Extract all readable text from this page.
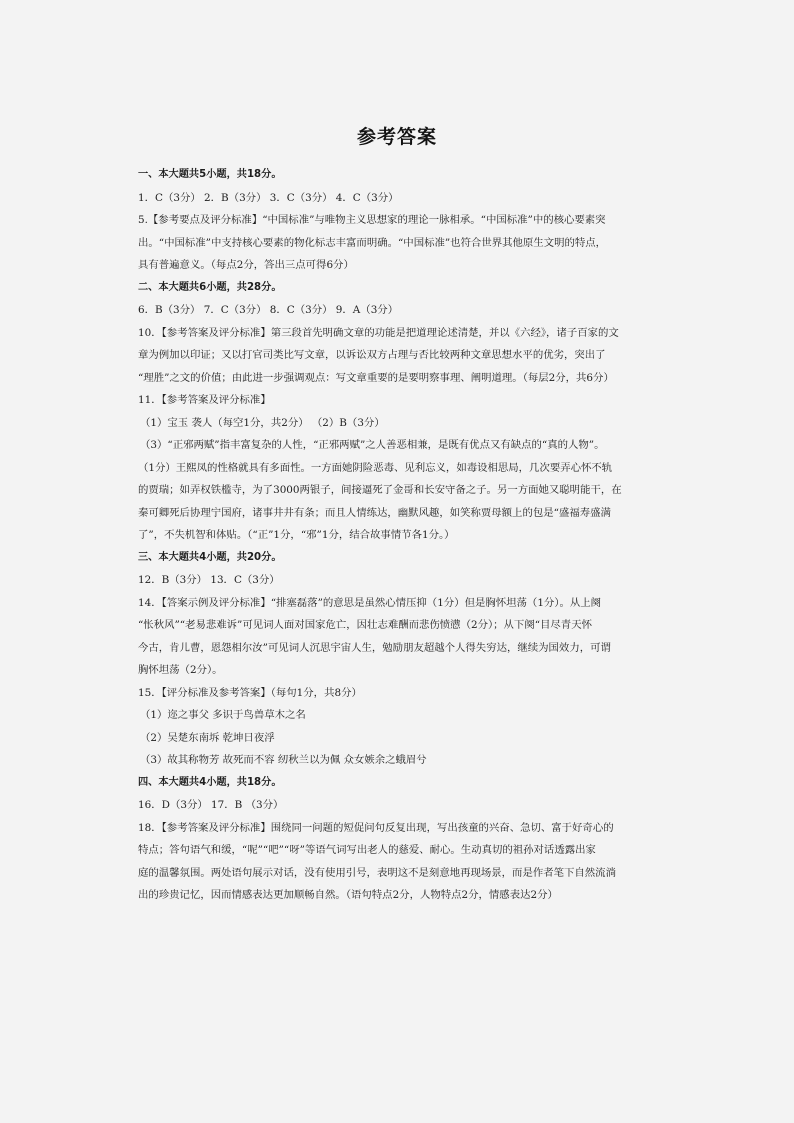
参考答案
一、本大题共5小题，共18分。
1．C（3分） 2．B（3分） 3．C（3分） 4．C（3分）
5.【参考要点及评分标准】“中国标准”与唯物主义思想家的理论一脉相承。“中国标准”中的核心要素突
出。“中国标准”中支持核心要素的物化标志丰富而明确。“中国标准”也符合世界其他原生文明的特点，
具有普遍意义。（每点2分，答出三点可得6分）
二、本大题共6小题，共28分。
6．B（3分） 7．C（3分） 8．C（3分） 9．A（3分）
10．【参考答案及评分标准】第三段首先明确文章的功能是把道理论述清楚，并以《六经》，诸子百家的文
章为例加以印证；又以打官司类比写文章，以诉讼双方占理与否比较两种文章思想水平的优劣，突出了
“理胜”之文的价值；由此进一步强调观点：写文章重要的是要明察事理、阐明道理。（每层2分，共6分）
11．【参考答案及评分标准】
（1）宝玉 袭人（每空1分，共2分） （2）B（3分）
（3）“正邪两赋”指丰富复杂的人性，“正邪两赋”之人善恶相兼，是既有优点又有缺点的“真的人物”。
（1分）王熙凤的性格就具有多面性。一方面她阴险恶毒、见利忘义，如毒设相思局，几次要弄心怀不轨
的贾瑞；如弄权铁槛寺，为了3000两银子，间接逼死了金哥和长安守备之子。另一方面她又聪明能干，在
秦可卿死后协理宁国府，诸事井井有条；而且人情练达，幽默风趣，如笑称贾母额上的包是“盛福寿盛满
了”，不失机智和体贴。（“正”1分，“邪”1分，结合故事情节各1分。）
三、本大题共4小题，共20分。
12．B（3分） 13．C（3分）
14．【答案示例及评分标准】“排塞磊落”的意思是虽然心情压抑（1分）但是胸怀坦荡（1分）。从上阕
“怅秋风”“老易悲难诉”可见词人面对国家危亡，因壮志难酬而悲伤愤懑（2分）；从下阕“目尽青天怀
今古，肯儿曹，恩怨相尔汝”可见词人沉思宇宙人生，勉励朋友超越个人得失穷达，继续为国效力，可谓
胸怀坦荡（2分）。
15．【评分标准及参考答案】（每句1分，共8分）
（1）迩之事父 多识于鸟兽草木之名
（2）吴楚东南坼 乾坤日夜浮
（3）故其称物芳 故死而不容 纫秋兰以为佩 众女嫉余之蛾眉兮
四、本大题共4小题，共18分。
16．D（3分） 17．B （3分）
18．【参考答案及评分标准】围绕同一问题的短促问句反复出现，写出孩童的兴奋、急切、富于好奇心的
特点；答句语气和缓，“呢”“吧”“呀”等语气词写出老人的慈爱、耐心。生动真切的祖孙对话透露出家
庭的温馨氛围。两处语句展示对话，没有使用引号，表明这不是刻意地再现场景，而是作者笔下自然流淌
出的珍贵记忆，因而情感表达更加顺畅自然。（语句特点2分，人物特点2分，情感表达2分）
